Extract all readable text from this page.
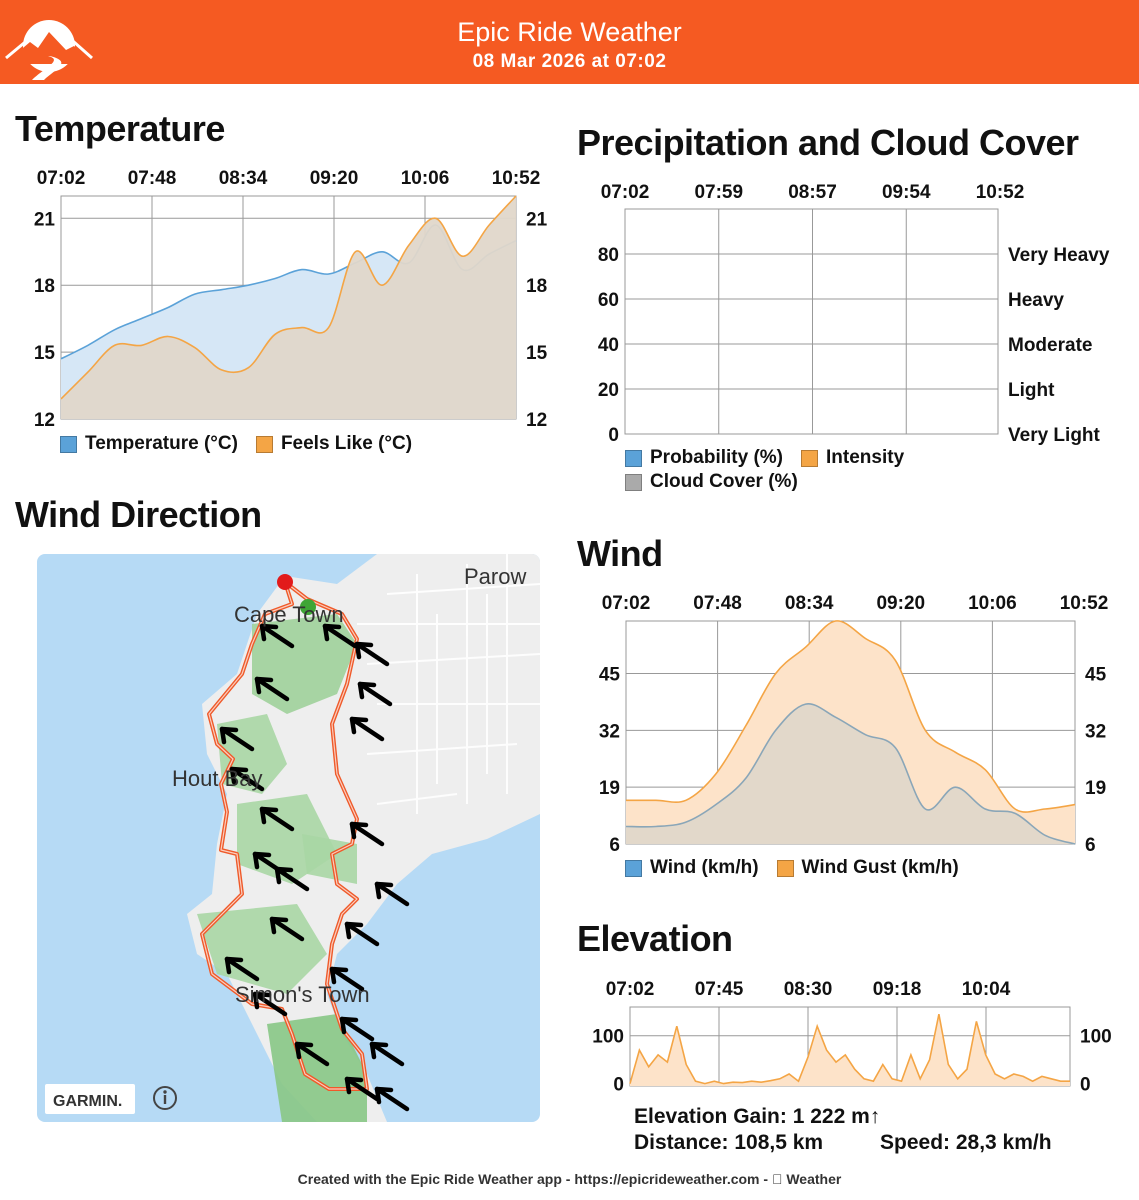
Epic Ride Weather
08 Mar 2026 at 07:02
Temperature	Precipitation and Cloud Cover
Wind Direction
Wind
Elevation
07:02 07:48 08:34 09:20 10:06 10:52
12	12
15	15
18	18
21	21
07:02 07:59 08:57 09:54 10:52
0	Very Light
20	Light
40	Moderate
60	Heavy
80	Very Heavy
07:02 07:48 08:34 09:20 10:06 10:52
6	6
19	19
32	32
45	45
07:02 07:45 08:30 09:18 10:04
0	0
100	100
Temperature (°C) Feels Like (°C)
Probability (%) Intensity
Cloud Cover (%)
Wind (km/h) Wind Gust (km/h)
Parow
Cape Town
Hout Bay
Simon's Town
GARMIN.
Elevation Gain: 1 222 m↑
Distance: 108,5 km	Speed: 28,3 km/h
Created with the Epic Ride Weather app - https://epicrideweather.com - Weather
